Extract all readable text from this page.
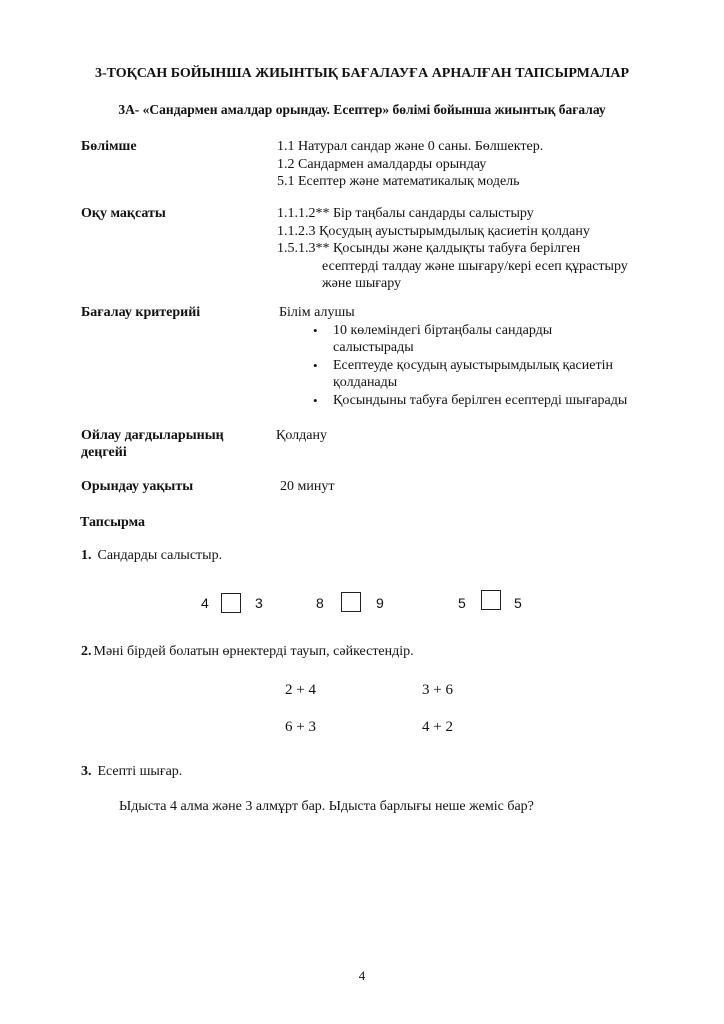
3-ТОҚСАН БОЙЫНША ЖИЫНТЫҚ БАҒАЛАУҒА АРНАЛҒАН ТАПСЫРМАЛАР
3А- «Сандармен амалдар орындау. Есептер» бөлімі бойынша жиынтық бағалау
Бөлімше	1.1 Натурал сандар және 0 саны. Бөлшектер.
1.2 Сандармен амалдарды орындау
5.1 Есептер және математикалық модель
Оқу мақсаты	1.1.1.2** Бір таңбалы сандарды салыстыру
1.1.2.3 Қосудың ауыстырымдылық қасиетін қолдану
1.5.1.3** Қосынды және қалдықты табуға берілген
есептерді талдау және шығару/кері есеп құрастыру
және шығару
Бағалау критерийі	Білім алушы
• 10 көлеміндегі біртаңбалы сандарды
салыстырады
• Есептеуде қосудың ауыстырымдылық қасиетін
қолданады
• Қосындыны табуға берілген есептерді шығарады
Ойлау дағдыларының
деңгейі
Қолдану
Орындау уақыты	20 минут
Тапсырма
1. Сандарды салыстыр.
4	3	8	9	5	5
2. Мәні бірдей болатын өрнектерді тауып, сәйкестендір.
2 + 4	3 + 6
6 + 3	4 + 2
3. Есепті шығар.
Ыдыста 4 алма және 3 алмұрт бар. Ыдыста барлығы неше жеміс бар?
4
